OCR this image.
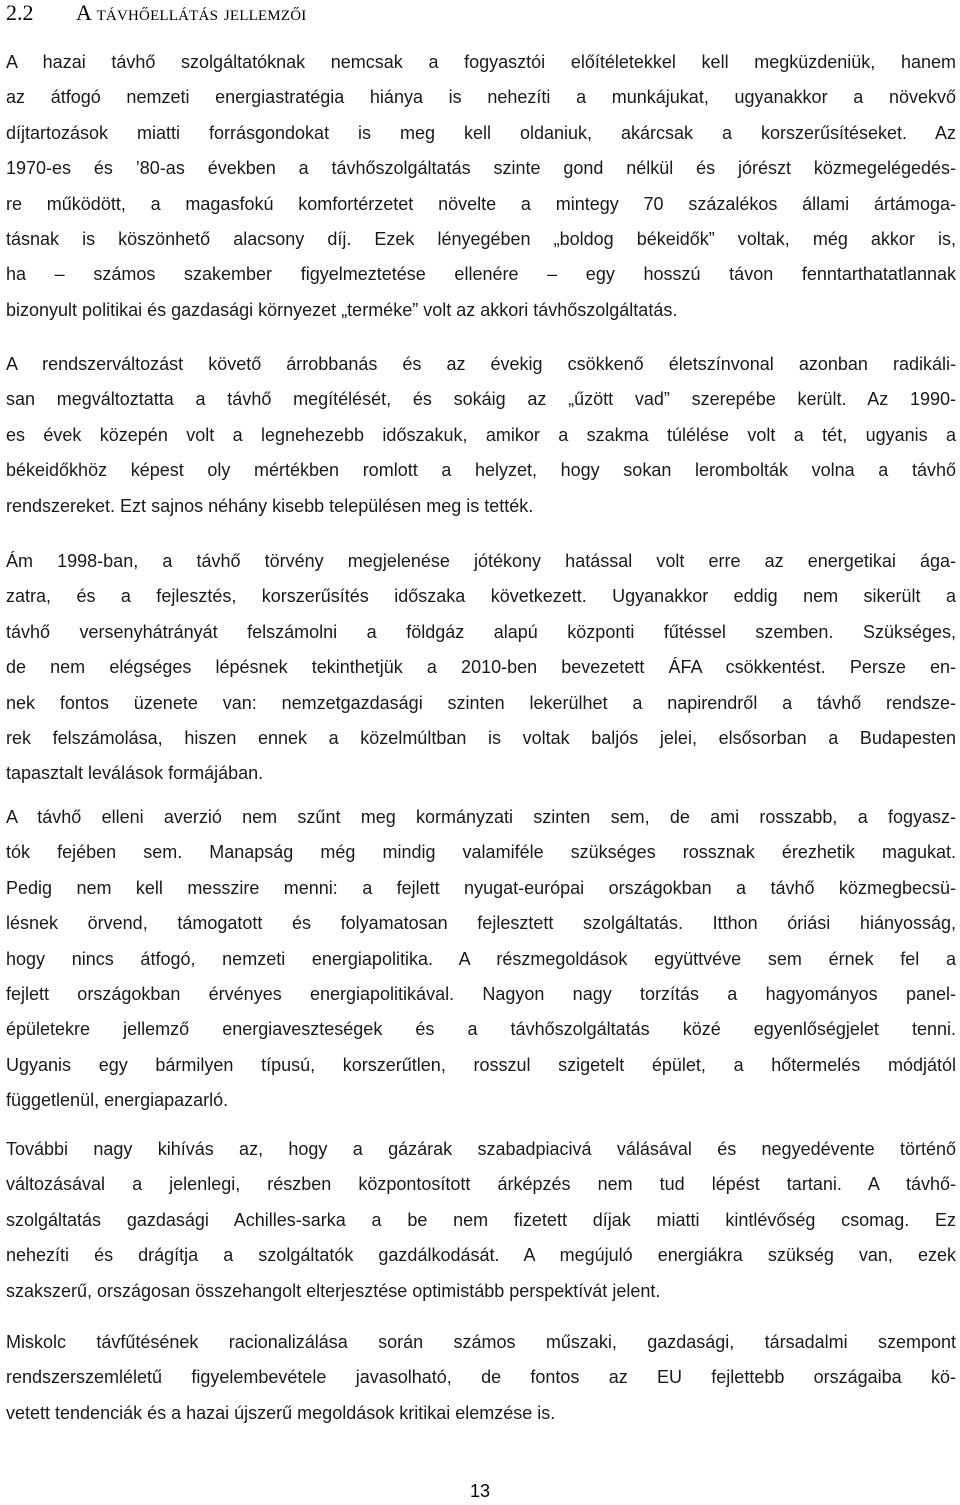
2.2 A távhőellátás jellemzői
A hazai távhő szolgáltatóknak nemcsak a fogyasztói előítéletekkel kell megküzdeniük, hanem
az átfogó nemzeti energiastratégia hiánya is nehezíti a munkájukat, ugyanakkor a növekvő
díjtartozások miatti forrásgondokat is meg kell oldaniuk, akárcsak a korszerűsítéseket. Az
1970-es és ’80-as években a távhőszolgáltatás szinte gond nélkül és jórészt közmegelégedés-
re működött, a magasfokú komfortérzetet növelte a mintegy 70 százalékos állami ártámoga-
tásnak is köszönhető alacsony díj. Ezek lényegében „boldog békeidők” voltak, még akkor is,
ha – számos szakember figyelmeztetése ellenére – egy hosszú távon fenntarthatatlannak
bizonyult politikai és gazdasági környezet „terméke” volt az akkori távhőszolgáltatás.
A rendszerváltozást követő árrobbanás és az évekig csökkenő életszínvonal azonban radikáli-
san megváltoztatta a távhő megítélését, és sokáig az „űzött vad” szerepébe került. Az 1990-
es évek közepén volt a legnehezebb időszakuk, amikor a szakma túlélése volt a tét, ugyanis a
békeidőkhöz képest oly mértékben romlott a helyzet, hogy sokan lerombolták volna a távhő
rendszereket. Ezt sajnos néhány kisebb településen meg is tették.
Ám 1998-ban, a távhő törvény megjelenése jótékony hatással volt erre az energetikai ága-
zatra, és a fejlesztés, korszerűsítés időszaka következett. Ugyanakkor eddig nem sikerült a
távhő versenyhátrányát felszámolni a földgáz alapú központi fűtéssel szemben. Szükséges,
de nem elégséges lépésnek tekinthetjük a 2010-ben bevezetett ÁFA csökkentést. Persze en-
nek fontos üzenete van: nemzetgazdasági szinten lekerülhet a napirendről a távhő rendsze-
rek felszámolása, hiszen ennek a közelmúltban is voltak baljós jelei, elsősorban a Budapesten
tapasztalt leválások formájában.
A távhő elleni averzió nem szűnt meg kormányzati szinten sem, de ami rosszabb, a fogyasz-
tók fejében sem. Manapság még mindig valamiféle szükséges rossznak érezhetik magukat.
Pedig nem kell messzire menni: a fejlett nyugat-európai országokban a távhő közmegbecsü-
lésnek örvend, támogatott és folyamatosan fejlesztett szolgáltatás. Itthon óriási hiányosság,
hogy nincs átfogó, nemzeti energiapolitika. A részmegoldások együttvéve sem érnek fel a
fejlett országokban érvényes energiapolitikával. Nagyon nagy torzítás a hagyományos panel-
épületekre jellemző energiaveszteségek és a távhőszolgáltatás közé egyenlőségjelet tenni.
Ugyanis egy bármilyen típusú, korszerűtlen, rosszul szigetelt épület, a hőtermelés módjától
függetlenül, energiapazarló.
További nagy kihívás az, hogy a gázárak szabadpiacivá válásával és negyedévente történő
változásával a jelenlegi, részben központosított árképzés nem tud lépést tartani. A távhő-
szolgáltatás gazdasági Achilles-sarka a be nem fizetett díjak miatti kintlévőség csomag. Ez
nehezíti és drágítja a szolgáltatók gazdálkodását. A megújuló energiákra szükség van, ezek
szakszerű, országosan összehangolt elterjesztése optimistább perspektívát jelent.
Miskolc távfűtésének racionalizálása során számos műszaki, gazdasági, társadalmi szempont
rendszerszemléletű figyelembevétele javasolható, de fontos az EU fejlettebb országaiba kö-
vetett tendenciák és a hazai újszerű megoldások kritikai elemzése is.
13
